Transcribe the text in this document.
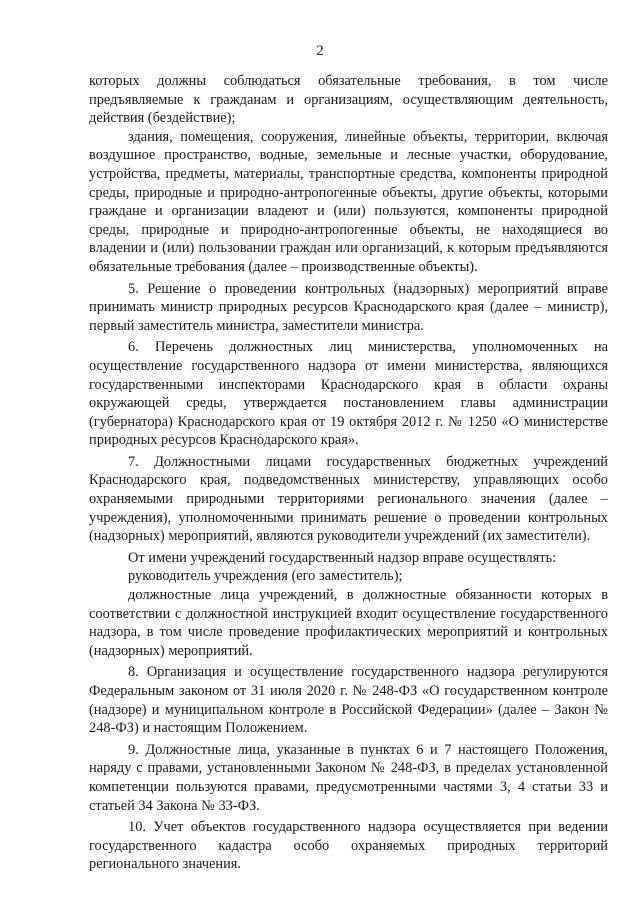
2

которых должны соблюдаться обязательные требования, в том числе предъявляемые к гражданам и организациям, осуществляющим деятельность, действия (бездействие);

здания, помещения, сооружения, линейные объекты, территории, включая воздушное пространство, водные, земельные и лесные участки, оборудование, устройства, предметы, материалы, транспортные средства, компоненты природной среды, природные и природно-антропогенные объекты, другие объекты, которыми граждане и организации владеют и (или) пользуются, компоненты природной среды, природные и природно-антропогенные объекты, не находящиеся во владении и (или) пользовании граждан или организаций, к которым предъявляются обязательные требования (далее – производственные объекты).

5. Решение о проведении контрольных (надзорных) мероприятий вправе принимать министр природных ресурсов Краснодарского края (далее – министр), первый заместитель министра, заместители министра.

6. Перечень должностных лиц министерства, уполномоченных на осуществление государственного надзора от имени министерства, являющихся государственными инспекторами Краснодарского края в области охраны окружающей среды, утверждается постановлением главы администрации (губернатора) Краснодарского края от 19 октября 2012 г. № 1250 «О министерстве природных ресурсов Краснодарского края».

7. Должностными лицами государственных бюджетных учреждений Краснодарского края, подведомственных министерству, управляющих особо охраняемыми природными территориями регионального значения (далее – учреждения), уполномоченными принимать решение о проведении контрольных (надзорных) мероприятий, являются руководители учреждений (их заместители).

От имени учреждений государственный надзор вправе осуществлять:

руководитель учреждения (его заместитель);

должностные лица учреждений, в должностные обязанности которых в соответствии с должностной инструкцией входит осуществление государственного надзора, в том числе проведение профилактических мероприятий и контрольных (надзорных) мероприятий.

8. Организация и осуществление государственного надзора регулируются Федеральным законом от 31 июля 2020 г. № 248-ФЗ «О государственном контроле (надзоре) и муниципальном контроле в Российской Федерации» (далее – Закон № 248-ФЗ) и настоящим Положением.

9. Должностные лица, указанные в пунктах 6 и 7 настоящего Положения, наряду с правами, установленными Законом № 248-ФЗ, в пределах установленной компетенции пользуются правами, предусмотренными частями 3, 4 статьи 33 и статьей 34 Закона № 33-ФЗ.

10. Учет объектов государственного надзора осуществляется при ведении государственного кадастра особо охраняемых природных территорий регионального значения.
